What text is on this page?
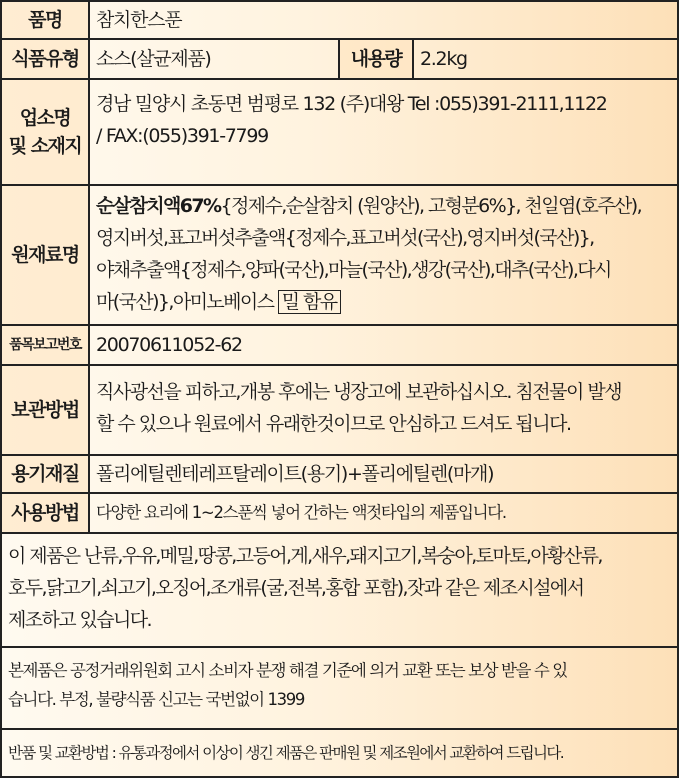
품명	참치한스푼
식품유형 소스(살균제품)	내용량 2.2kg
업소명
및 소재지
경남 밀양시 초동면 범평로 132 (주)대왕 Tel :055)391-2111,1122
/ FAX:(055)391-7799
원재료명
순살참치액67%{정제수,순살참치 (원양산), 고형분6%}, 천일염(호주산),
영지버섯,표고버섯추출액{정제수,표고버섯(국산),영지버섯(국산)},
야채추출액{정제수,양파(국산),마늘(국산),생강(국산),대추(국산),다시
마(국산)},아미노베이스 밀 함유
품목보고번호 20070611052-62
보관방법
직사광선을 피하고,개봉 후에는 냉장고에 보관하십시오. 침전물이 발생
할 수 있으나 원료에서 유래한것이므로 안심하고 드셔도 됩니다.
용기재질 폴리에틸렌테레프탈레이트(용기)+폴리에틸렌(마개)
사용방법	다양한 요리에 1~2스푼씩 넣어 간하는 액젓타입의 제품입니다.
이 제품은 난류,우유,메밀,땅콩,고등어,게,새우,돼지고기,복숭아,토마토,아황산류,
호두,닭고기,쇠고기,오징어,조개류(굴,전복,홍합 포함),잣과 같은 제조시설에서
제조하고 있습니다.
본제품은 공정거래위원회 고시 소비자 분쟁 해결 기준에 의거 교환 또는 보상 받을 수 있
습니다. 부정, 불량식품 신고는 국번없이 1399
반품 및 교환방법 : 유통과정에서 이상이 생긴 제품은 판매원 및 제조원에서 교환하여 드립니다.
